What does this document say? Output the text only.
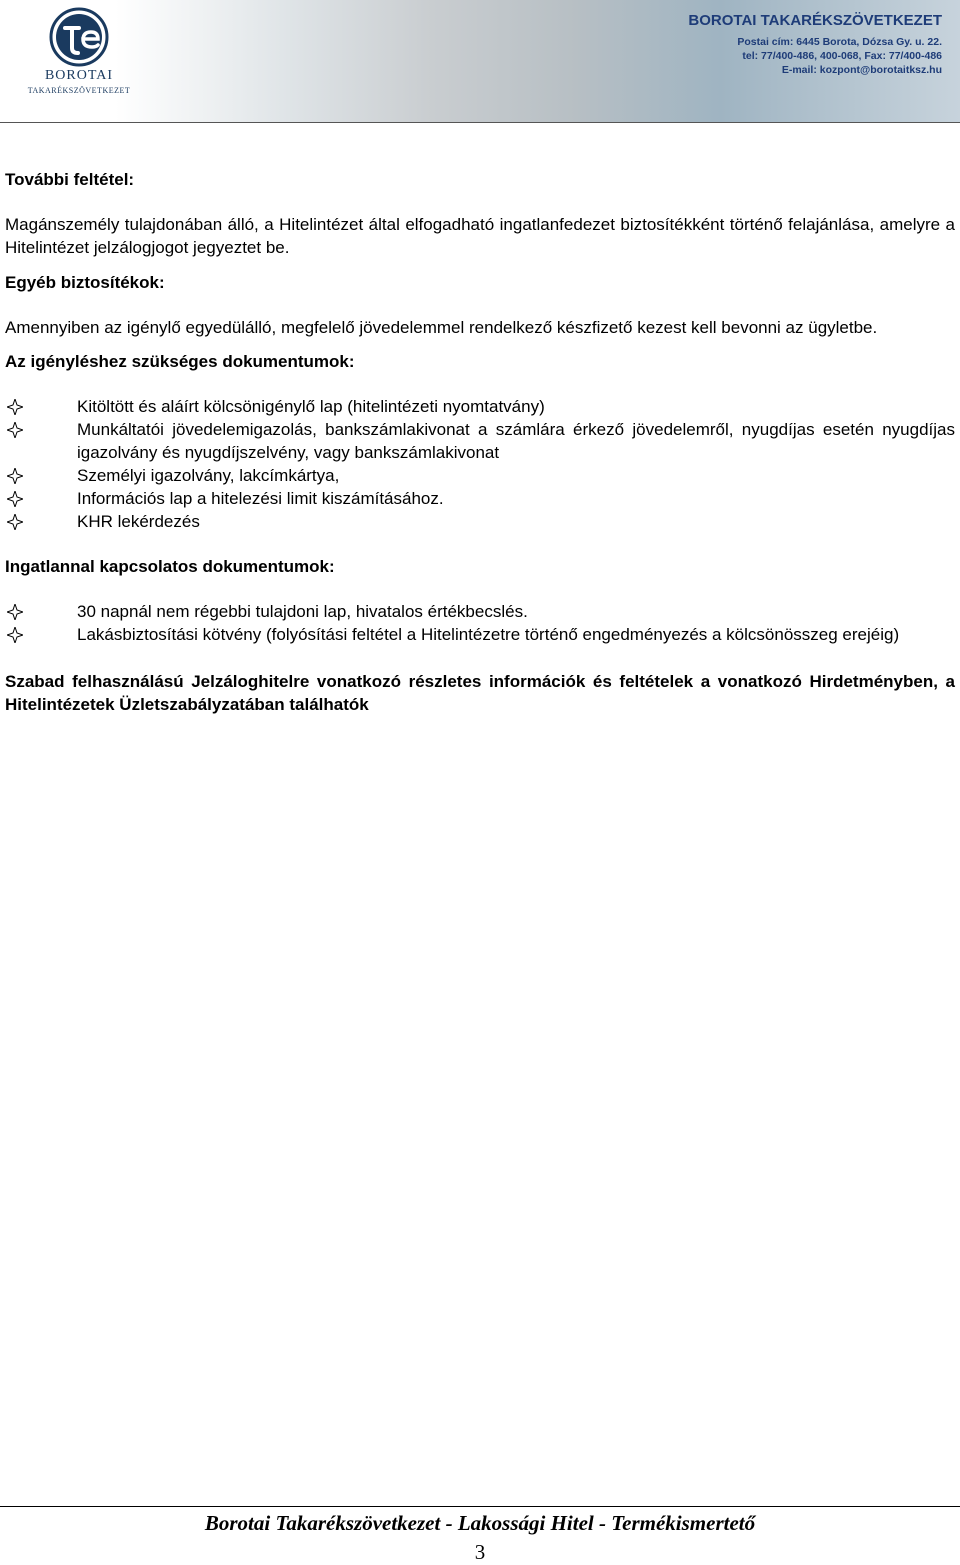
BOROTAI
TAKARÉKSZÖVETKEZET
BOROTAI TAKARÉKSZÖVETKEZET
Postai cím: 6445 Borota, Dózsa Gy. u. 22.
tel: 77/400-486, 400-068, Fax: 77/400-486
E-mail: kozpont@borotaitksz.hu

További feltétel:

Magánszemély tulajdonában álló, a Hitelintézet által elfogadható ingatlanfedezet biztosítékként történő felajánlása, amelyre a Hitelintézet jelzálogjogot jegyeztet be.

Egyéb biztosítékok:

Amennyiben az igénylő egyedülálló, megfelelő jövedelemmel rendelkező készfizető kezest kell bevonni az ügyletbe.

Az igényléshez szükséges dokumentumok:

Kitöltött és aláírt kölcsönigénylő lap (hitelintézeti nyomtatvány)
Munkáltatói jövedelemigazolás, bankszámlakivonat a számlára érkező jövedelemről, nyugdíjas esetén nyugdíjas igazolvány és nyugdíjszelvény, vagy bankszámlakivonat
Személyi igazolvány, lakcímkártya,
Információs lap a hitelezési limit kiszámításához.
KHR lekérdezés

Ingatlannal kapcsolatos dokumentumok:

30 napnál nem régebbi tulajdoni lap, hivatalos értékbecslés.
Lakásbiztosítási kötvény (folyósítási feltétel a Hitelintézetre történő engedményezés a kölcsönösszeg erejéig)

Szabad felhasználású Jelzáloghitelre vonatkozó részletes információk és feltételek a vonatkozó Hirdetményben, a Hitelintézetek Üzletszabályzatában találhatók

Borotai Takarékszövetkezet - Lakossági Hitel - Termékismertető
3
